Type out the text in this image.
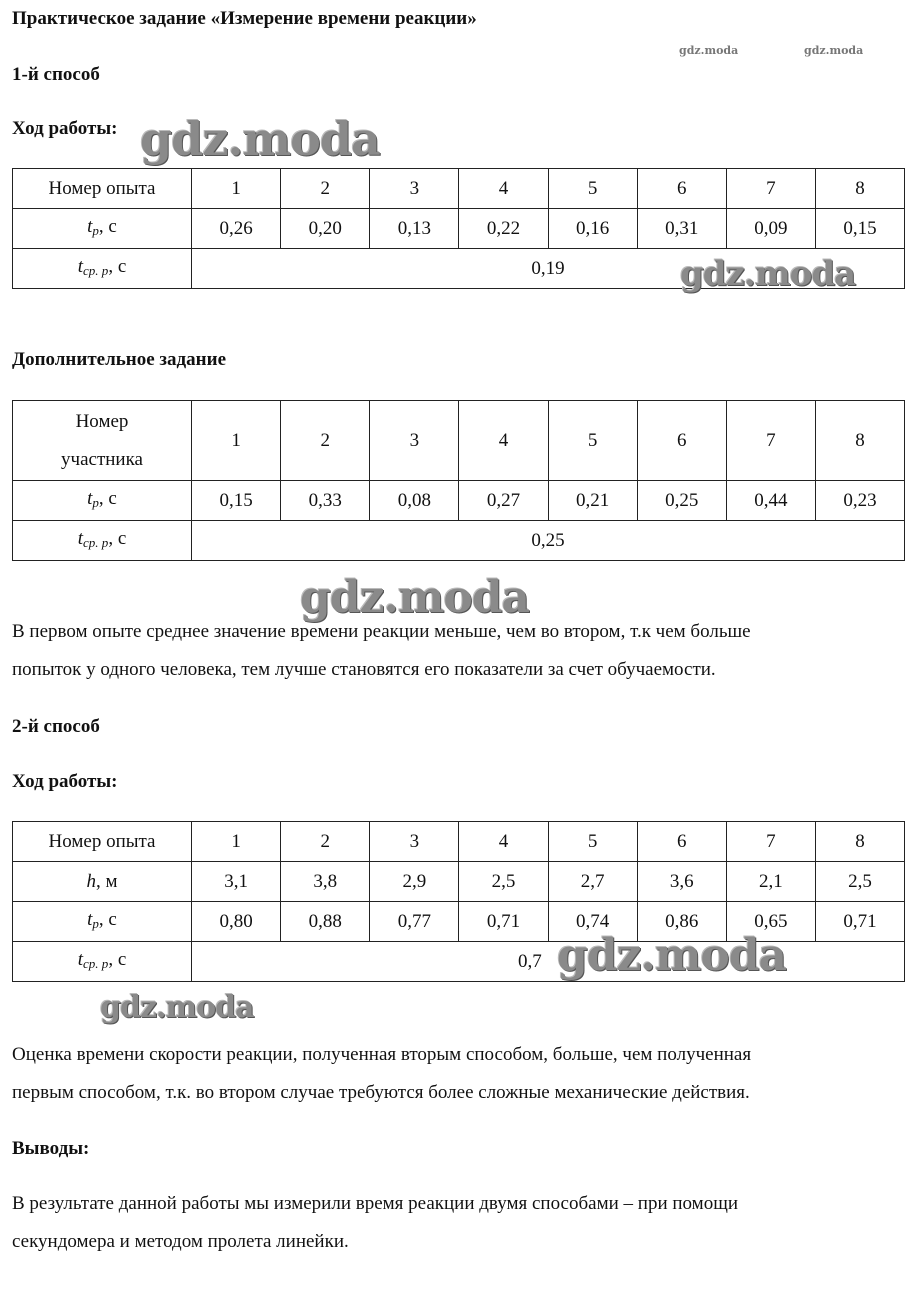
Практическое задание «Измерение времени реакции»
gdz.moda	gdz.moda
1-й способ
Ход работы: gdz.moda
Номер опыта	1	2	3	4	5	6	7	8
$t_р$, с	0,26	0,20	0,13	0,22	0,16	0,31	0,09	0,15
$t_{ср. р}$, с	0,19								gdz.moda
Дополнительное задание
Номер
участника	1	2	3	4	5	6	7	8
$t_р$, с	0,15	0,33	0,08	0,27	0,21	0,25	0,44	0,23
$t_{ср. р}$, с	0,25							
gdz.moda
В первом опыте среднее значение времени реакции меньше, чем во втором, т.к чем больше
попыток у одного человека, тем лучше становятся его показатели за счет обучаемости.
2-й способ
Ход работы:
Номер опыта	1	2	3	4	5	6	7	8
h, м	3,1	3,8	2,9	2,5	2,7	3,6	2,1	2,5
$t_р$, с	0,80	0,88	0,77	0,71	0,74	0,86	0,65	0,71
$t_{ср. р}$, с	0,7							gdz.moda
gdz.moda
Оценка времени скорости реакции, полученная вторым способом, больше, чем полученная
первым способом, т.к. во втором случае требуются более сложные механические действия.
Выводы:
В результате данной работы мы измерили время реакции двумя способами – при помощи
секундомера и методом пролета линейки.
